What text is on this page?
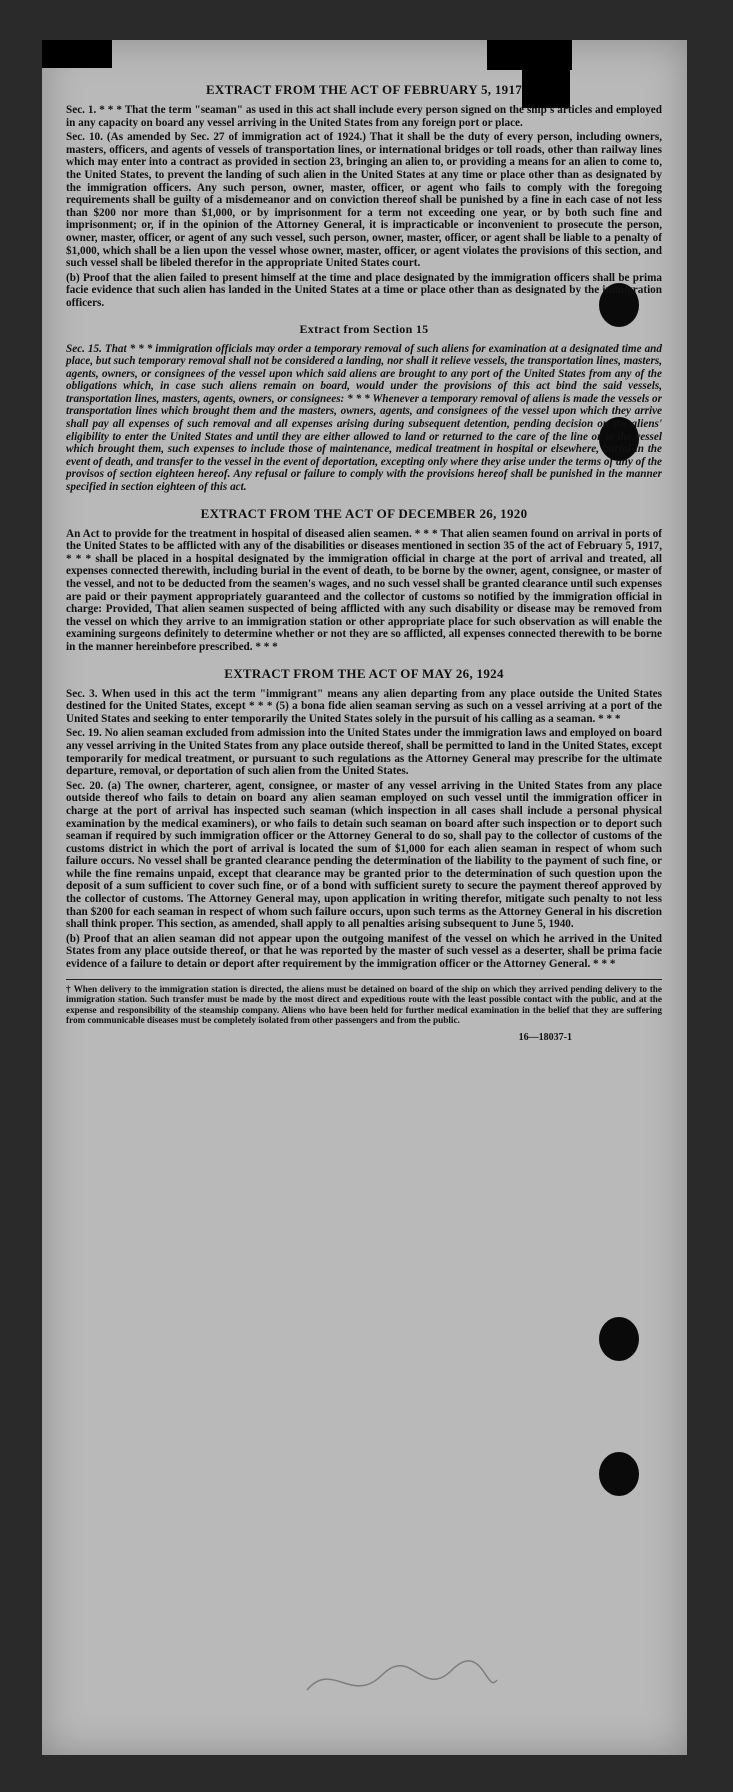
EXTRACT FROM THE ACT OF FEBRUARY 5, 1917

Sec. 1. * * * That the term "seaman" as used in this act shall include every person signed on the ship's articles and employed in any capacity on board any vessel arriving in the United States from any foreign port or place.

Sec. 10. (As amended by Sec. 27 of immigration act of 1924.) That it shall be the duty of every person, including owners, masters, officers, and agents of vessels of transportation lines, or international bridges or toll roads, other than railway lines which may enter into a contract as provided in section 23, bringing an alien to, or providing a means for an alien to come to, the United States, to prevent the landing of such alien in the United States at any time or place other than as designated by the immigration officers. Any such person, owner, master, officer, or agent who fails to comply with the foregoing requirements shall be guilty of a misdemeanor and on conviction thereof shall be punished by a fine in each case of not less than $200 nor more than $1,000, or by imprisonment for a term not exceeding one year, or by both such fine and imprisonment; or, if in the opinion of the Attorney General, it is impracticable or inconvenient to prosecute the person, owner, master, officer, or agent of any such vessel, such person, owner, master, officer, or agent shall be liable to a penalty of $1,000, which shall be a lien upon the vessel whose owner, master, officer, or agent violates the provisions of this section, and such vessel shall be libeled therefor in the appropriate United States court.

(b) Proof that the alien failed to present himself at the time and place designated by the immigration officers shall be prima facie evidence that such alien has landed in the United States at a time or place other than as designated by the immigration officers.

Extract from Section 15

Sec. 15. That * * * immigration officials may order a temporary removal of such aliens for examination at a designated time and place, but such temporary removal shall not be considered a landing, nor shall it relieve vessels, the transportation lines, masters, agents, owners, or consignees of the vessel upon which said aliens are brought to any port of the United States from any of the obligations which, in case such aliens remain on board, would under the provisions of this act bind the said vessels, transportation lines, masters, agents, owners, or consignees: * * * Whenever a temporary removal of aliens is made the vessels or transportation lines which brought them and the masters, owners, agents, and consignees of the vessel upon which they arrive shall pay all expenses of such removal and all expenses arising during subsequent detention, pending decision on the aliens' eligibility to enter the United States and until they are either allowed to land or returned to the care of the line or to the vessel which brought them, such expenses to include those of maintenance, medical treatment in hospital or elsewhere, burial in the event of death, and transfer to the vessel in the event of deportation, excepting only where they arise under the terms of any of the provisos of section eighteen hereof. Any refusal or failure to comply with the provisions hereof shall be punished in the manner specified in section eighteen of this act.

EXTRACT FROM THE ACT OF DECEMBER 26, 1920

An Act to provide for the treatment in hospital of diseased alien seamen. * * * That alien seamen found on arrival in ports of the United States to be afflicted with any of the disabilities or diseases mentioned in section 35 of the act of February 5, 1917, * * * shall be placed in a hospital designated by the immigration official in charge at the port of arrival and treated, all expenses connected therewith, including burial in the event of death, to be borne by the owner, agent, consignee, or master of the vessel, and not to be deducted from the seamen's wages, and no such vessel shall be granted clearance until such expenses are paid or their payment appropriately guaranteed and the collector of customs so notified by the immigration official in charge: Provided, That alien seamen suspected of being afflicted with any such disability or disease may be removed from the vessel on which they arrive to an immigration station or other appropriate place for such observation as will enable the examining surgeons definitely to determine whether or not they are so afflicted, all expenses connected therewith to be borne in the manner hereinbefore prescribed. * * *

EXTRACT FROM THE ACT OF MAY 26, 1924

Sec. 3. When used in this act the term "immigrant" means any alien departing from any place outside the United States destined for the United States, except * * * (5) a bona fide alien seaman serving as such on a vessel arriving at a port of the United States and seeking to enter temporarily the United States solely in the pursuit of his calling as a seaman. * * *

Sec. 19. No alien seaman excluded from admission into the United States under the immigration laws and employed on board any vessel arriving in the United States from any place outside thereof, shall be permitted to land in the United States, except temporarily for medical treatment, or pursuant to such regulations as the Attorney General may prescribe for the ultimate departure, removal, or deportation of such alien from the United States.

Sec. 20. (a) The owner, charterer, agent, consignee, or master of any vessel arriving in the United States from any place outside thereof who fails to detain on board any alien seaman employed on such vessel until the immigration officer in charge at the port of arrival has inspected such seaman (which inspection in all cases shall include a personal physical examination by the medical examiners), or who fails to detain such seaman on board after such inspection or to deport such seaman if required by such immigration officer or the Attorney General to do so, shall pay to the collector of customs of the customs district in which the port of arrival is located the sum of $1,000 for each alien seaman in respect of whom such failure occurs. No vessel shall be granted clearance pending the determination of the liability to the payment of such fine, or while the fine remains unpaid, except that clearance may be granted prior to the determination of such question upon the deposit of a sum sufficient to cover such fine, or of a bond with sufficient surety to secure the payment thereof approved by the collector of customs. The Attorney General may, upon application in writing therefor, mitigate such penalty to not less than $200 for each seaman in respect of whom such failure occurs, upon such terms as the Attorney General in his discretion shall think proper. This section, as amended, shall apply to all penalties arising subsequent to June 5, 1940.

(b) Proof that an alien seaman did not appear upon the outgoing manifest of the vessel on which he arrived in the United States from any place outside thereof, or that he was reported by the master of such vessel as a deserter, shall be prima facie evidence of a failure to detain or deport after requirement by the immigration officer or the Attorney General. * * *

† When delivery to the immigration station is directed, the aliens must be detained on board of the ship on which they arrived pending delivery to the immigration station. Such transfer must be made by the most direct and expeditious route with the least possible contact with the public, and at the expense and responsibility of the steamship company. Aliens who have been held for further medical examination in the belief that they are suffering from communicable diseases must be completely isolated from other passengers and from the public.
16—18037-1
